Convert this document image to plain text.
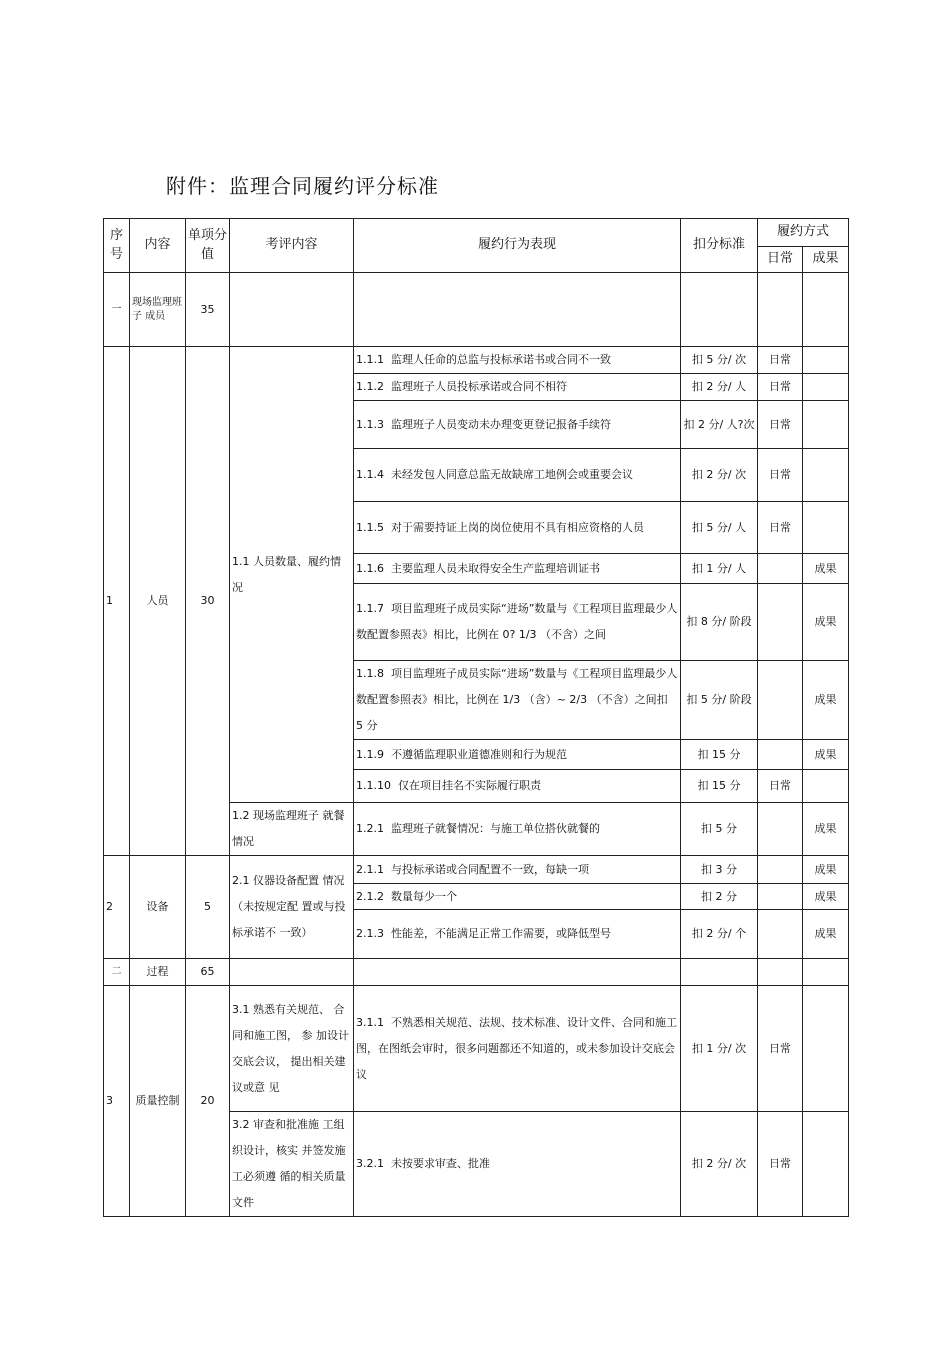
附件：监理合同履约评分标准
序号	内容	单项分值	考评内容	履约行为表现	扣分标准	履约方式	
						日常	成果
一	现场监理班子 成员	35					
1	人员	30	1.1 人员数量、履约情况	1.1.1 监理人任命的总监与投标承诺书或合同不一致	扣 5 分/ 次	日常	
				1.1.2 监理班子人员投标承诺或合同不相符	扣 2 分/ 人	日常	
				1.1.3 监理班子人员变动未办理变更登记报备手续符	扣 2 分/ 人?次	日常	
				1.1.4 未经发包人同意总监无故缺席工地例会或重要会议	扣 2 分/ 次	日常	
				1.1.5 对于需要持证上岗的岗位使用不具有相应资格的人员	扣 5 分/ 人	日常	
				1.1.6 主要监理人员未取得安全生产监理培训证书	扣 1 分/ 人		成果
				1.1.7 项目监理班子成员实际“进场”数量与《工程项目监理最少人数配置参照表》相比，比例在 0? 1/3 （不含）之间	扣 8 分/ 阶段		成果
				1.1.8 项目监理班子成员实际“进场”数量与《工程项目监理最少人数配置参照表》相比，比例在 1/3 （含）~ 2/3 （不含）之间扣 5 分	扣 5 分/ 阶段		成果
				1.1.9 不遵循监理职业道德准则和行为规范	扣 15 分		成果
				1.1.10 仅在项目挂名不实际履行职责	扣 15 分	日常	
			1.2 现场监理班子 就餐情况	1.2.1 监理班子就餐情况：与施工单位搭伙就餐的	扣 5 分		成果
2	设备	5	2.1 仪器设备配置 情况（未按规定配 置或与投标承诺不 一致）	2.1.1 与投标承诺或合同配置不一致，每缺一项	扣 3 分		成果
				2.1.2 数量每少一个	扣 2 分		成果
				2.1.3 性能差，不能满足正常工作需要，或降低型号	扣 2 分/ 个		成果
二	过程	65					
3	质量控制	20	3.1 熟悉有关规范、 合同和施工图， 参 加设计交底会议， 提出相关建议或意 见	3.1.1 不熟悉相关规范、法规、技术标准、设计文件、合同和施工图，在图纸会审时，很多问题都还不知道的，或未参加设计交底会议	扣 1 分/ 次	日常	
			3.2 审查和批准施 工组织设计，核实 并签发施工必须遵 循的相关质量文件	3.2.1 未按要求审查、批准	扣 2 分/ 次	日常	
